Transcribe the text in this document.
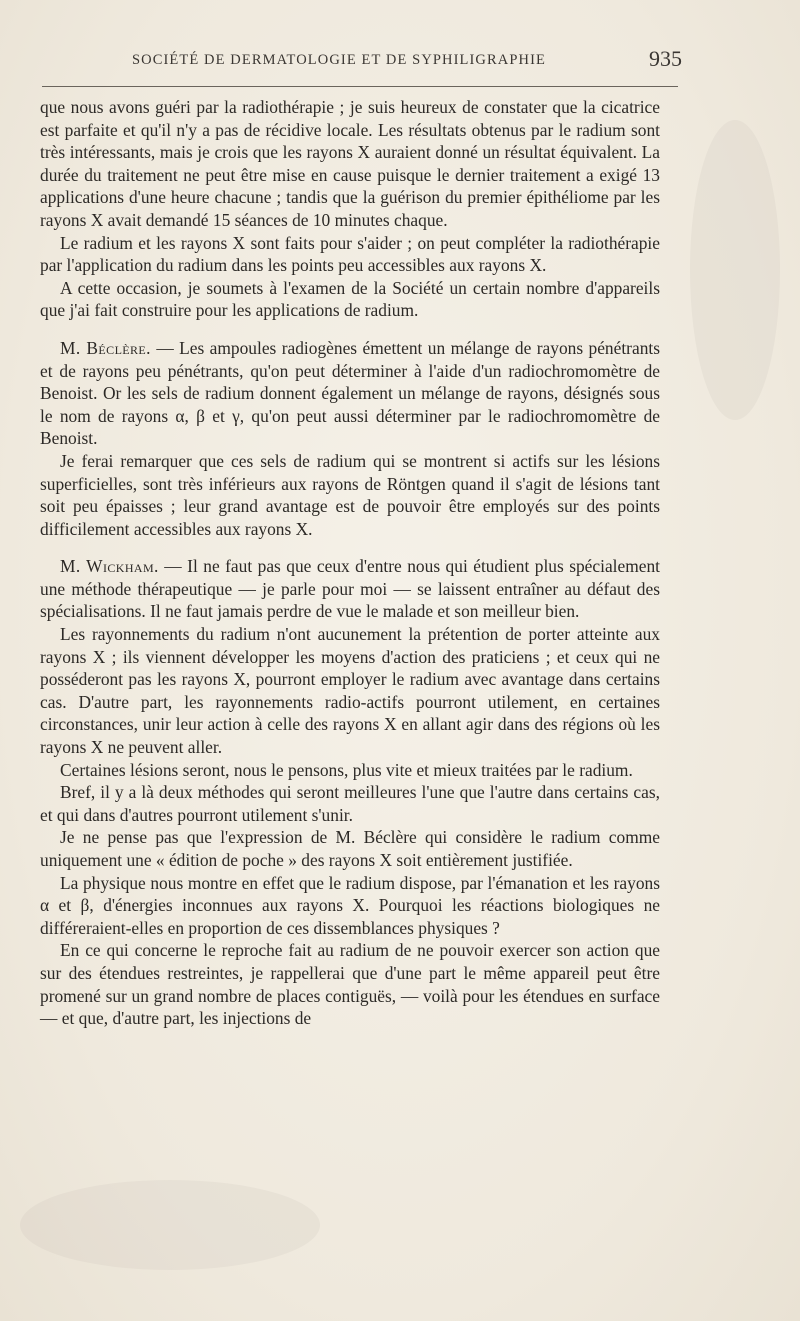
SOCIÉTÉ DE DERMATOLOGIE ET DE SYPHILIGRAPHIE	935

que nous avons guéri par la radiothérapie ; je suis heureux de constater que la cicatrice est parfaite et qu'il n'y a pas de récidive locale. Les résultats obtenus par le radium sont très intéressants, mais je crois que les rayons X auraient donné un résultat équivalent. La durée du traitement ne peut être mise en cause puisque le dernier traitement a exigé 13 applications d'une heure chacune ; tandis que la guérison du premier épithéliome par les rayons X avait demandé 15 séances de 10 minutes chaque.

Le radium et les rayons X sont faits pour s'aider ; on peut compléter la radiothérapie par l'application du radium dans les points peu accessibles aux rayons X.

A cette occasion, je soumets à l'examen de la Société un certain nombre d'appareils que j'ai fait construire pour les applications de radium.

M. Béclère. — Les ampoules radiogènes émettent un mélange de rayons pénétrants et de rayons peu pénétrants, qu'on peut déterminer à l'aide d'un radiochromomètre de Benoist. Or les sels de radium donnent également un mélange de rayons, désignés sous le nom de rayons α, β et γ, qu'on peut aussi déterminer par le radiochromomètre de Benoist.

Je ferai remarquer que ces sels de radium qui se montrent si actifs sur les lésions superficielles, sont très inférieurs aux rayons de Röntgen quand il s'agit de lésions tant soit peu épaisses ; leur grand avantage est de pouvoir être employés sur des points difficilement accessibles aux rayons X.

M. Wickham. — Il ne faut pas que ceux d'entre nous qui étudient plus spécialement une méthode thérapeutique — je parle pour moi — se laissent entraîner au défaut des spécialisations. Il ne faut jamais perdre de vue le malade et son meilleur bien.

Les rayonnements du radium n'ont aucunement la prétention de porter atteinte aux rayons X ; ils viennent développer les moyens d'action des praticiens ; et ceux qui ne posséderont pas les rayons X, pourront employer le radium avec avantage dans certains cas. D'autre part, les rayonnements radio-actifs pourront utilement, en certaines circonstances, unir leur action à celle des rayons X en allant agir dans des régions où les rayons X ne peuvent aller.

Certaines lésions seront, nous le pensons, plus vite et mieux traitées par le radium.

Bref, il y a là deux méthodes qui seront meilleures l'une que l'autre dans certains cas, et qui dans d'autres pourront utilement s'unir.

Je ne pense pas que l'expression de M. Béclère qui considère le radium comme uniquement une « édition de poche » des rayons X soit entièrement justifiée.

La physique nous montre en effet que le radium dispose, par l'émanation et les rayons α et β, d'énergies inconnues aux rayons X. Pourquoi les réactions biologiques ne différeraient-elles en proportion de ces dissemblances physiques ?

En ce qui concerne le reproche fait au radium de ne pouvoir exercer son action que sur des étendues restreintes, je rappellerai que d'une part le même appareil peut être promené sur un grand nombre de places contiguës, — voilà pour les étendues en surface — et que, d'autre part, les injections de
